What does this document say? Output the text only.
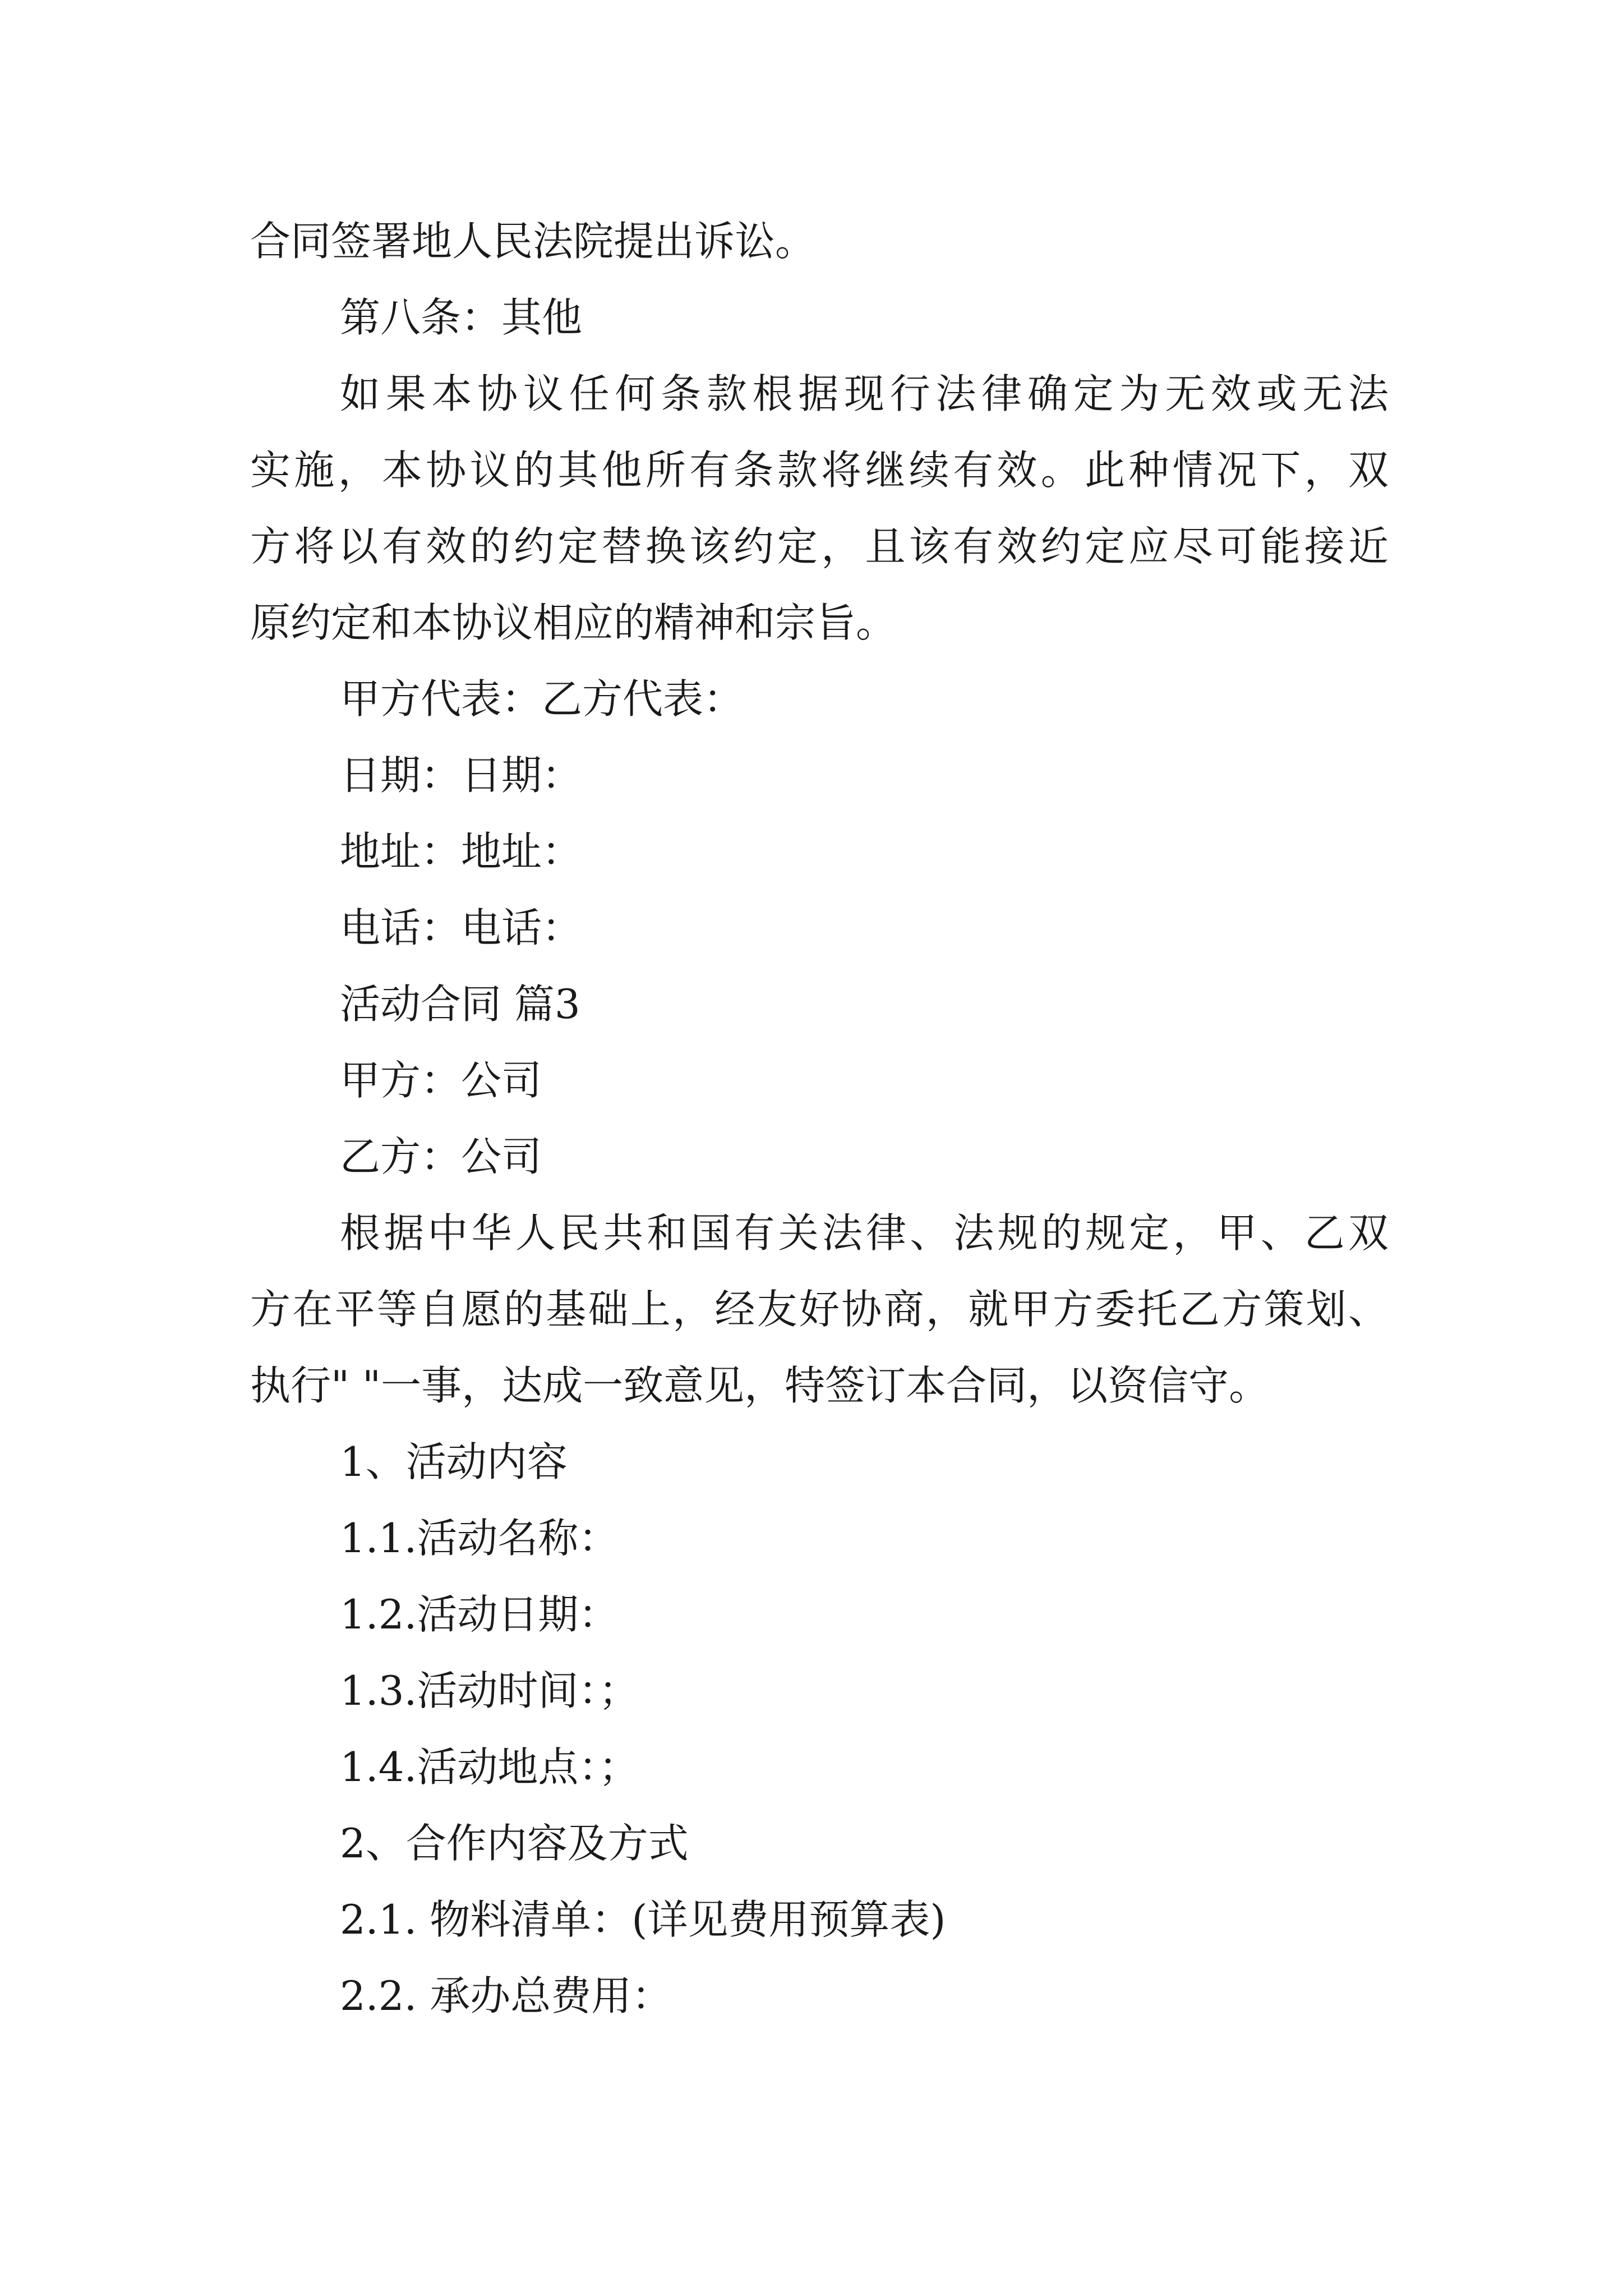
合同签署地人民法院提出诉讼。
第八条：其他
如果本协议任何条款根据现行法律确定为无效或无法
实施，本协议的其他所有条款将继续有效。此种情况下，双
方将以有效的约定替换该约定，且该有效约定应尽可能接近
原约定和本协议相应的精神和宗旨。
甲方代表：乙方代表：
日期：日期：
地址：地址：
电话：电话：
活动合同 篇3
甲方：公司
乙方：公司
根据中华人民共和国有关法律、法规的规定，甲、乙双
方在平等自愿的基础上，经友好协商，就甲方委托乙方策划、
执行" "一事，达成一致意见，特签订本合同，以资信守。
1、活动内容
1.1.活动名称：
1.2.活动日期：
1.3.活动时间：；
1.4.活动地点：；
2、合作内容及方式
2.1. 物料清单：(详见费用预算表)
2.2. 承办总费用：
